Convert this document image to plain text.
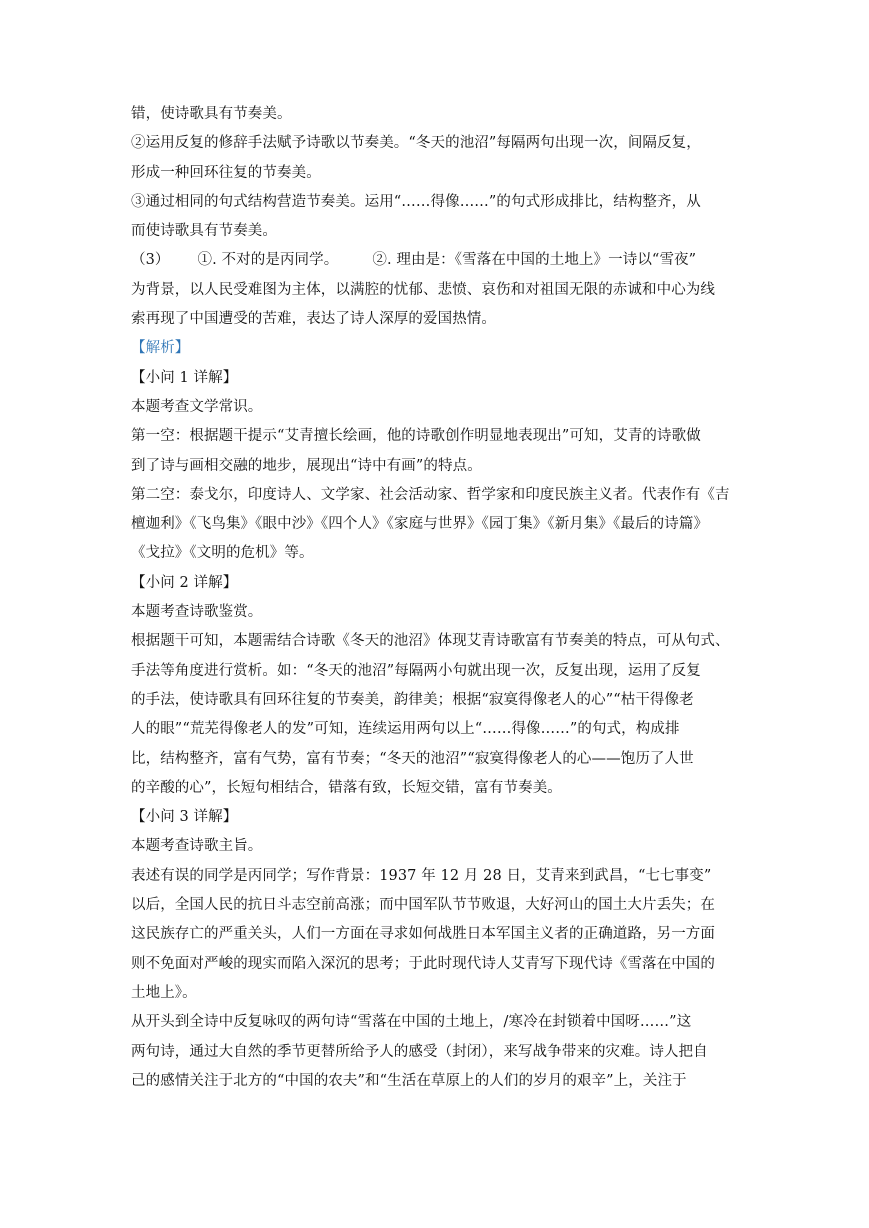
错，使诗歌具有节奏美。
②运用反复的修辞手法赋予诗歌以节奏美。“冬天的池沼”每隔两句出现一次，间隔反复，
形成一种回环往复的节奏美。
③通过相同的句式结构营造节奏美。运用“……得像……”的句式形成排比，结构整齐，从
而使诗歌具有节奏美。
（3） ①. 不对的是丙同学。 ②. 理由是：《雪落在中国的土地上》一诗以“雪夜”
为背景，以人民受难图为主体，以满腔的忧郁、悲愤、哀伤和对祖国无限的赤诚和中心为线
索再现了中国遭受的苦难，表达了诗人深厚的爱国热情。
【解析】
【小问 1 详解】
本题考查文学常识。
第一空：根据题干提示“艾青擅长绘画，他的诗歌创作明显地表现出”可知，艾青的诗歌做
到了诗与画相交融的地步，展现出“诗中有画”的特点。
第二空：泰戈尔，印度诗人、文学家、社会活动家、哲学家和印度民族主义者。代表作有《吉
檀迦利》《飞鸟集》《眼中沙》《四个人》《家庭与世界》《园丁集》《新月集》《最后的诗篇》
《戈拉》《文明的危机》等。
【小问 2 详解】
本题考查诗歌鉴赏。
根据题干可知，本题需结合诗歌《冬天的池沼》体现艾青诗歌富有节奏美的特点，可从句式、
手法等角度进行赏析。如：“冬天的池沼”每隔两小句就出现一次，反复出现，运用了反复
的手法，使诗歌具有回环往复的节奏美，韵律美；根据“寂寞得像老人的心”“枯干得像老
人的眼”“荒芜得像老人的发”可知，连续运用两句以上“……得像……”的句式，构成排
比，结构整齐，富有气势，富有节奏；“冬天的池沼”“寂寞得像老人的心——饱历了人世
的辛酸的心”，长短句相结合，错落有致，长短交错，富有节奏美。
【小问 3 详解】
本题考查诗歌主旨。
表述有误的同学是丙同学；写作背景：1937 年 12 月 28 日，艾青来到武昌，“七七事变”
以后，全国人民的抗日斗志空前高涨；而中国军队节节败退，大好河山的国土大片丢失；在
这民族存亡的严重关头，人们一方面在寻求如何战胜日本军国主义者的正确道路，另一方面
则不免面对严峻的现实而陷入深沉的思考；于此时现代诗人艾青写下现代诗《雪落在中国的
土地上》。
从开头到全诗中反复咏叹的两句诗“雪落在中国的土地上，/寒冷在封锁着中国呀……”这
两句诗，通过大自然的季节更替所给予人的感受（封闭），来写战争带来的灾难。诗人把自
己的感情关注于北方的“中国的农夫”和“生活在草原上的人们的岁月的艰辛”上，关注于
